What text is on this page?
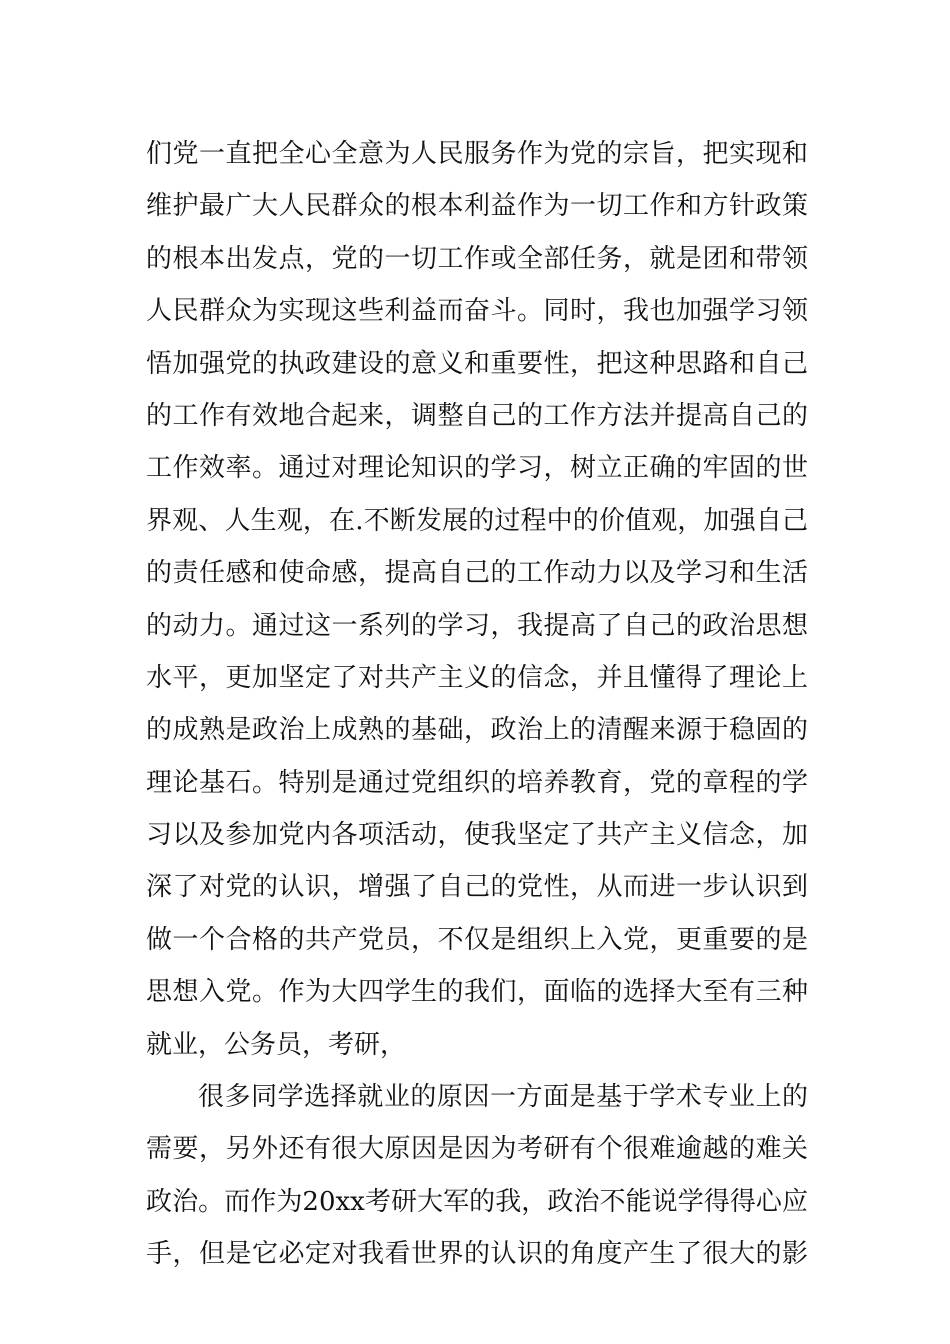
们党一直把全心全意为人民服务作为党的宗旨，把实现和
维护最广大人民群众的根本利益作为一切工作和方针政策
的根本出发点，党的一切工作或全部任务，就是团和带领
人民群众为实现这些利益而奋斗。同时，我也加强学习领
悟加强党的执政建设的意义和重要性，把这种思路和自己
的工作有效地合起来，调整自己的工作方法并提高自己的
工作效率。通过对理论知识的学习，树立正确的牢固的世
界观、人生观，在.不断发展的过程中的价值观，加强自己
的责任感和使命感，提高自己的工作动力以及学习和生活
的动力。通过这一系列的学习，我提高了自己的政治思想
水平，更加坚定了对共产主义的信念，并且懂得了理论上
的成熟是政治上成熟的基础，政治上的清醒来源于稳固的
理论基石。特别是通过党组织的培养教育，党的章程的学
习以及参加党内各项活动，使我坚定了共产主义信念，加
深了对党的认识，增强了自己的党性，从而进一步认识到
做一个合格的共产党员，不仅是组织上入党，更重要的是
思想入党。作为大四学生的我们，面临的选择大至有三种
就业，公务员，考研，
很多同学选择就业的原因一方面是基于学术专业上的
需要，另外还有很大原因是因为考研有个很难逾越的难关
政治。而作为20xx考研大军的我，政治不能说学得得心应
手，但是它必定对我看世界的认识的角度产生了很大的影
